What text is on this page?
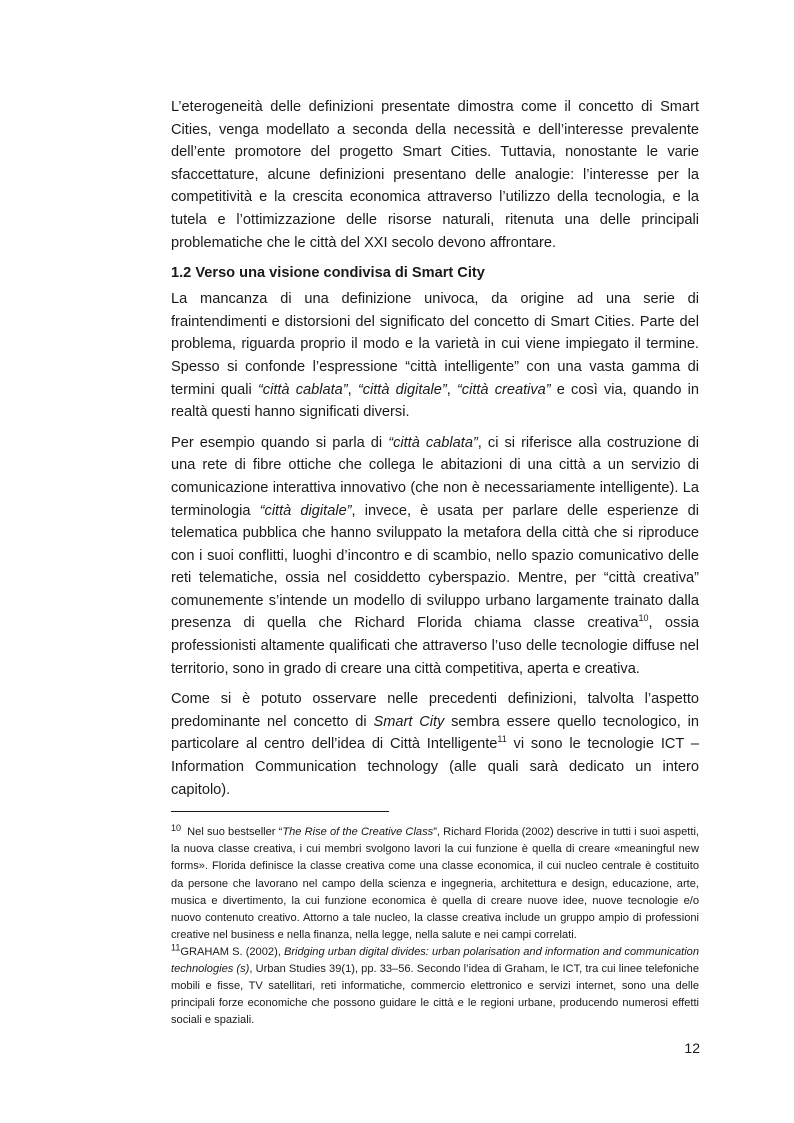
L’eterogeneità delle definizioni presentate dimostra come il concetto di Smart Cities, venga modellato a seconda della necessità e dell’interesse prevalente dell’ente promotore del progetto Smart Cities. Tuttavia, nonostante le varie sfaccettature, alcune definizioni presentano delle analogie: l’interesse per la competitività e la crescita economica attraverso l’utilizzo della tecnologia, e la tutela e l’ottimizzazione delle risorse naturali, ritenuta una delle principali problematiche che le città del XXI secolo devono affrontare.

1.2 Verso una visione condivisa di Smart City

La mancanza di una definizione univoca, da origine ad una serie di fraintendimenti e distorsioni del significato del concetto di Smart Cities. Parte del problema, riguarda proprio il modo e la varietà in cui viene impiegato il termine. Spesso si confonde l’espressione “città intelligente” con una vasta gamma di termini quali “città cablata”, “città digitale”, “città creativa” e così via, quando in realtà questi hanno significati diversi.

Per esempio quando si parla di “città cablata”, ci si riferisce alla costruzione di una rete di fibre ottiche che collega le abitazioni di una città a un servizio di comunicazione interattiva innovativo (che non è necessariamente intelligente). La terminologia “città digitale”, invece, è usata per parlare delle esperienze di telematica pubblica che hanno sviluppato la metafora della città che si riproduce con i suoi conflitti, luoghi d’incontro e di scambio, nello spazio comunicativo delle reti telematiche, ossia nel cosiddetto cyberspazio. Mentre, per “città creativa” comunemente s’intende un modello di sviluppo urbano largamente trainato dalla presenza di quella che Richard Florida chiama classe creativa$^{10}$, ossia professionisti altamente qualificati che attraverso l’uso delle tecnologie diffuse nel territorio, sono in grado di creare una città competitiva, aperta e creativa.

Come si è potuto osservare nelle precedenti definizioni, talvolta l’aspetto predominante nel concetto di Smart City sembra essere quello tecnologico, in particolare al centro dell’idea di Città Intelligente$^{11}$ vi sono le tecnologie ICT – Information Communication technology (alle quali sarà dedicato un intero capitolo).

$^{10}$ Nel suo bestseller “The Rise of the Creative Class”, Richard Florida (2002) descrive in tutti i suoi aspetti, la nuova classe creativa, i cui membri svolgono lavori la cui funzione è quella di creare «meaningful new forms». Florida definisce la classe creativa come una classe economica, il cui nucleo centrale è costituito da persone che lavorano nel campo della scienza e ingegneria, architettura e design, educazione, arte, musica e divertimento, la cui funzione economica è quella di creare nuove idee, nuove tecnologie e/o nuovo contenuto creativo. Attorno a tale nucleo, la classe creativa include un gruppo ampio di professioni creative nel business e nella finanza, nella legge, nella salute e nei campi correlati.

$^{11}$GRAHAM S. (2002), Bridging urban digital divides: urban polarisation and information and communication technologies (s), Urban Studies 39(1), pp. 33–56. Secondo l’idea di Graham, le ICT, tra cui linee telefoniche mobili e fisse, TV satellitari, reti informatiche, commercio elettronico e servizi internet, sono una delle principali forze economiche che possono guidare le città e le regioni urbane, producendo numerosi effetti sociali e spaziali.

12
